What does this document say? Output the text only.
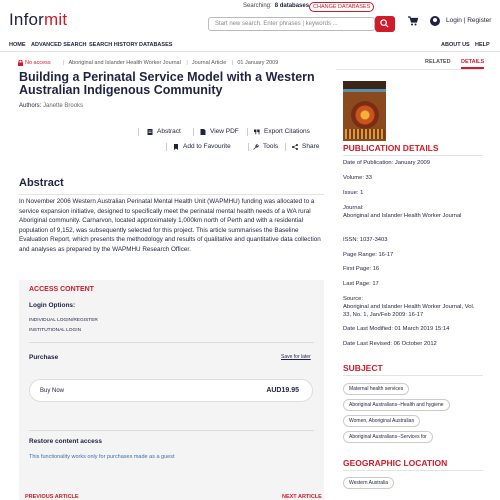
Informit
Searching: 8 databases CHANGE DATABASES
Start new search. Enter phrases | keywords ...	Login | Register
HOME ADVANCED SEARCH SEARCH HISTORY DATABASES	ABOUT US HELP
No access | Aboriginal and Islander Health Worker Journal | Journal Article | 01 January 2009	RELATED DETAILS
Building a Perinatal Service Model with a Western Australian Indigenous Community
Authors: Janette Brooks
Abstract	View PDF	Export Citations
Add to Favourite	Tools	Share
Abstract
In November 2006 Western Australian Perinatal Mental Health Unit (WAPMHU) funding was allocated to a service expansion initiative, designed to specifically meet the perinatal mental health needs of a WA rural Aboriginal community. Carnarvon, located approximately 1,000km north of Perth and with a residential population of 9,152, was subsequently selected for this project. This article summarises the Baseline Evaluation Report, which presents the methodology and results of qualitative and quantitative data collection and analyses as prepared by the WAPMHU Research Officer.
ACCESS CONTENT
Login Options:
INDIVIDUAL LOGIN/REGISTER
INSTITUTIONAL LOGIN
Purchase	Save for later
Buy Now	AUD19.95
Restore content access
This functionality works only for purchases made as a guest
PREVIOUS ARTICLE	NEXT ARTICLE
PUBLICATION DETAILS
Date of Publication: January 2009
Volume: 33
Issue: 1
Journal:
Aboriginal and Islander Health Worker Journal
ISSN: 1037-3403
Page Range: 16-17
First Page: 16
Last Page: 17
Source:
Aboriginal and Islander Health Worker Journal, Vol. 33, No. 1, Jan/Feb 2009: 16-17
Date Last Modified: 01 March 2019 15:14
Date Last Revised: 06 October 2012
SUBJECT
Maternal health services
Aboriginal Australians--Health and hygiene
Women, Aboriginal Australian
Aboriginal Australians--Services for
GEOGRAPHIC LOCATION
Western Australia
